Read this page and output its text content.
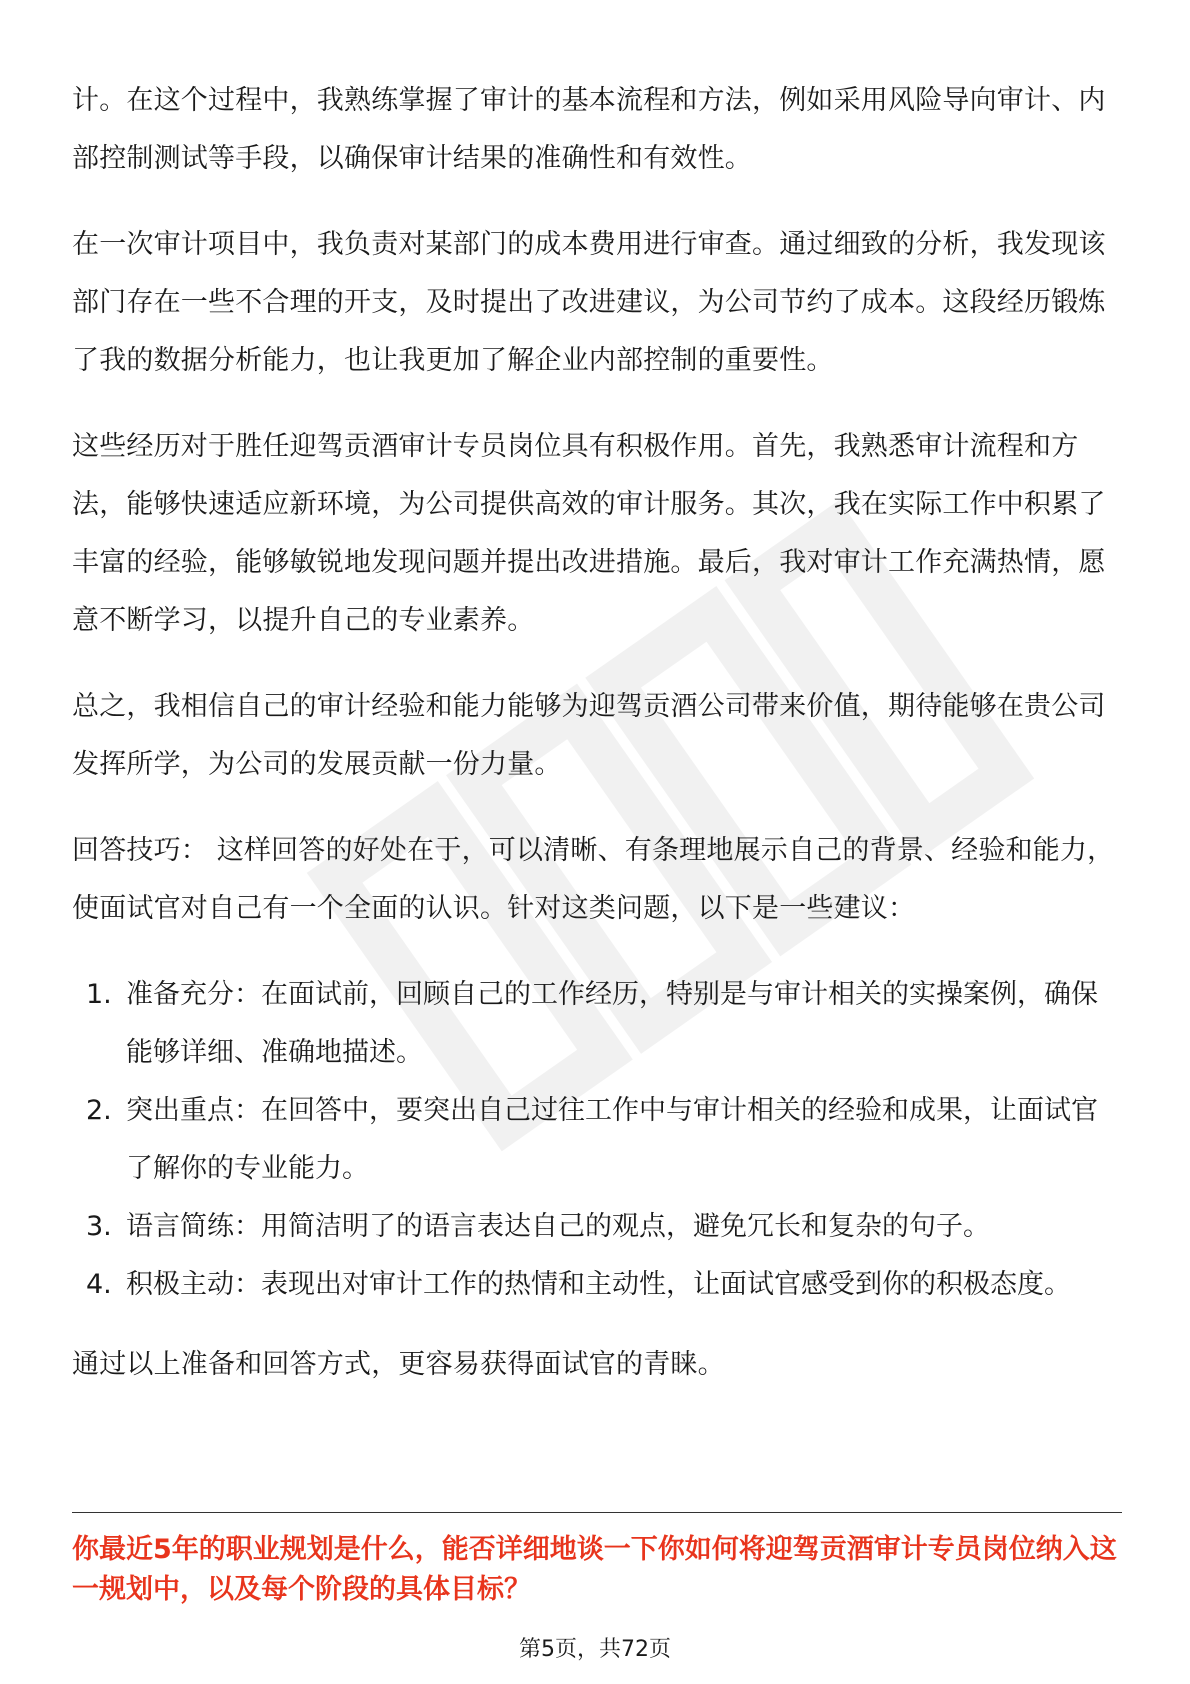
计。在这个过程中，我熟练掌握了审计的基本流程和方法，例如采用风险导向审计、内部控制测试等手段，以确保审计结果的准确性和有效性。

在一次审计项目中，我负责对某部门的成本费用进行审查。通过细致的分析，我发现该部门存在一些不合理的开支，及时提出了改进建议，为公司节约了成本。这段经历锻炼了我的数据分析能力，也让我更加了解企业内部控制的重要性。

这些经历对于胜任迎驾贡酒审计专员岗位具有积极作用。首先，我熟悉审计流程和方法，能够快速适应新环境，为公司提供高效的审计服务。其次，我在实际工作中积累了丰富的经验，能够敏锐地发现问题并提出改进措施。最后，我对审计工作充满热情，愿意不断学习，以提升自己的专业素养。

总之，我相信自己的审计经验和能力能够为迎驾贡酒公司带来价值，期待能够在贵公司发挥所学，为公司的发展贡献一份力量。

回答技巧： 这样回答的好处在于，可以清晰、有条理地展示自己的背景、经验和能力，使面试官对自己有一个全面的认识。针对这类问题，以下是一些建议：

1. 准备充分：在面试前，回顾自己的工作经历，特别是与审计相关的实操案例，确保能够详细、准确地描述。
2. 突出重点：在回答中，要突出自己过往工作中与审计相关的经验和成果，让面试官了解你的专业能力。
3. 语言简练：用简洁明了的语言表达自己的观点，避免冗长和复杂的句子。
4. 积极主动：表现出对审计工作的热情和主动性，让面试官感受到你的积极态度。

通过以上准备和回答方式，更容易获得面试官的青睐。

你最近5年的职业规划是什么，能否详细地谈一下你如何将迎驾贡酒审计专员岗位纳入这一规划中，以及每个阶段的具体目标？

第5页，共72页
